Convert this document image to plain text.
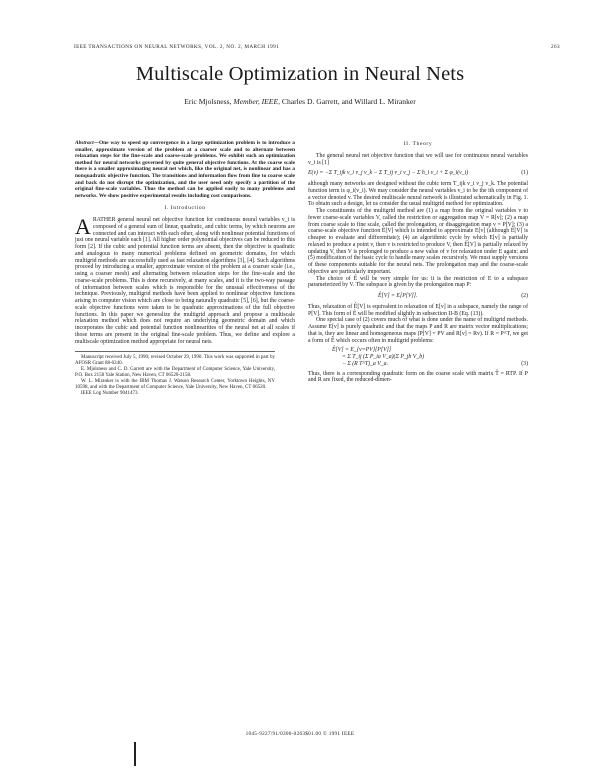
IEEE TRANSACTIONS ON NEURAL NETWORKS, VOL. 2, NO. 2, MARCH 1991	263
Multiscale Optimization in Neural Nets
Eric Mjolsness, Member, IEEE, Charles D. Garrett, and Willard L. Miranker

Abstract—One way to speed up convergence in a large optimization problem is to introduce a smaller, approximate version of the problem at a coarser scale and to alternate between relaxation steps for the fine-scale and coarse-scale problems. We exhibit such an optimization method for neural networks governed by quite general objective functions. At the coarse scale there is a smaller approximating neural net which, like the original net, is nonlinear and has a nonquadratic objective function. The transitions and information flow from fine to coarse scale and back do not disrupt the optimization, and the user need only specify a partition of the original fine-scale variables. Thus the method can be applied easily to many problems and networks. We show positive experimental results including cost comparisons.

I. Introduction

ARATHER general neural net objective function for continuous neural variables v_i is composed of a general sum of linear, quadratic, and cubic terms, by which neurons are connected and can interact with each other, along with nonlinear potential functions of just one neural variable each [1]. All higher order polynomial objectives can be reduced to this form [2]. If the cubic and potential function terms are absent, then the objective is quadratic and analogous to many numerical problems defined on geometric domains, for which multigrid methods are successfully used as fast relaxation algorithms [3], [4]. Such algorithms proceed by introducing a smaller, approximate version of the problem at a coarser scale (i.e., using a coarser mesh) and alternating between relaxation steps for the fine-scale and the coarse-scale problems. This is done recursively, at many scales, and it is the two-way passage of information between scales which is responsible for the unusual effectiveness of the technique. Previously, multigrid methods have been applied to nonlinear objective functions arising in computer vision which are close to being naturally quadratic [5], [6], but the coarse-scale objective functions were taken to be quadratic approximations of the full objective functions. In this paper we generalize the multigrid approach and propose a multiscale relaxation method which does not require an underlying geometric domain and which incorporates the cubic and potential function nonlinearities of the neural net at all scales if those terms are present in the original fine-scale problem. Thus, we define and explore a multiscale optimization method appropriate for neural nets.

Manuscript received July 5, 1990; revised October 29, 1990. This work was supported in part by AFOSR Grant 88-0240.

E. Mjolsness and C. D. Garrett are with the Department of Computer Science, Yale University, P.O. Box 2158 Yale Station, New Haven, CT 06520-2158.

W. L. Miranker is with the IBM Thomas J. Watson Research Center, Yorktown Heights, NY 10598, and with the Department of Computer Science, Yale University, New Haven, CT 06520.

IEEE Log Number 9041473.

II. Theory

The general neural net objective function that we will use for continuous neural variables v_i is [1]

E(v) = −Σ T_ijk v_i v_j v_k − Σ T_ij v_i v_j − Σ h_i v_i + Σ φ_i(v_i)	(1)

although many networks are designed without the cubic term T_ijk v_i v_j v_k. The potential function term is φ_i(v_i). We may consider the neural variables v_i to be the ith component of a vector denoted v. The desired multiscale neural network is illustrated schematically in Fig. 1. To obtain such a design, let us consider the usual multigrid method for optimization.

The constituents of the multigrid method are (1) a map from the original variables v to fewer coarse-scale variables V, called the restriction or aggregation map V = R[v]; (2) a map from coarse scale to fine scale, called the prolongation, or disaggregation map v = P[V]; (3) a coarse-scale objective function Ê[V] which is intended to approximate E[v] (although Ê[V] is cheaper to evaluate and differentiate); (4) an algorithmic cycle by which E[v] is partially relaxed to produce a point v, then v is restricted to produce V, then Ê[V] is partially relaxed by updating V, then V is prolonged to produce a new value of v for relaxation under E again; and (5) modification of the basic cycle to handle many scales recursively. We must supply versions of these components suitable for the neural nets. The prolongation map and the coarse-scale objective are particularly important.

The choice of Ê will be very simple for us: it is the restriction of E to a subspace parameterized by V. The subspace is given by the prolongation map P:

Ê[V] = E[P[V]].	(2)

Thus, relaxation of Ê[V] is equivalent to relaxation of E[v] in a subspace, namely the range of P[V]. This form of Ê will be modified slightly in subsection II-B (Eq. (13)).

One special case of (2) covers much of what is done under the name of multigrid methods. Assume E[v] is purely quadratic and that the maps P and R are matrix vector multiplications; that is, they are linear and homogeneous maps (P[V] = PV and R[v] = Rv). If R = P^T, we get a form of Ê which occurs often in multigrid problems:

Ê[V] = E_{v=PV}[P[V]]
= Σ T_ij (Σ P_ia V_a)(Σ P_jb V_b)
− Σ (R T^T)_a V_a.	(3)

Thus, there is a corresponding quadratic form on the coarse scale with matrix T̂ = RTP. If P and R are fixed, the reduced-dimen-

1045-9227/91/0300-0263$01.00 © 1991 IEEE
